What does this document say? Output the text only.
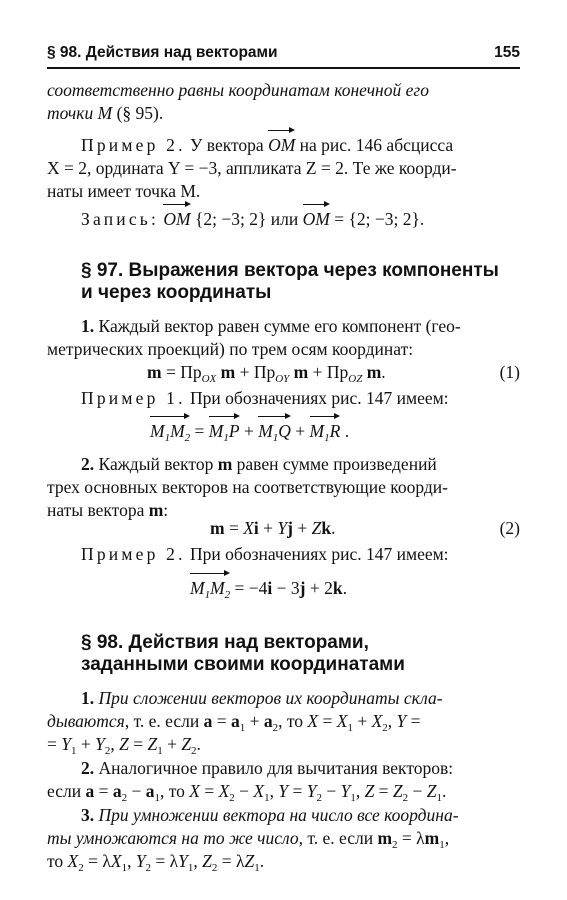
§ 98. Действия над векторами	155
соответственно равны координатам конечной его
точки M (§ 95).
Пример 2. У вектора OM на рис. 146 абсцисса
X = 2, ордината Y = −3, аппликата Z = 2. Те же коорди-
наты имеет точка M.
Запись: OM {2; −3; 2} или OM = {2; −3; 2}.
§ 97. Выражения вектора через компоненты
и через координаты
1. Каждый вектор равен сумме его компонент (гео-
метрических проекций) по трем осям координат:
$m = Пр_{OX}$ $m + Пр_{OY}$ $m + Пр_{OZ}$ m.	(1)
Пример 1. При обозначениях рис. 147 имеем:
$M_1M_2 = M_1P + M_1Q + M_1R$ .
2. Каждый вектор m равен сумме произведений
трех основных векторов на соответствующие коорди-
наты вектора m:
m = Xi + Yj + Zk.	(2)
Пример 2. При обозначениях рис. 147 имеем:
$M_1M_2 = -4i - 3j + 2k$.
§ 98. Действия над векторами,
заданными своими координатами
1. При сложении векторов их координаты скла-
дываются, т. е. если $a = a_1 + a_2$, то $X = X_1 + X_2$, Y =
= $Y_1 + Y_2$, $Z = Z_1 + Z_2$.
2. Аналогичное правило для вычитания векторов:
если $a = a_2 - a_1$, то $X = X_2 - X_1$, $Y = Y_2 - Y_1$, $Z = Z_2 - Z_1$.
3. При умножении вектора на число все координа-
ты умножаются на то же число, т. е. если $m_2 = \lambda m_1$,
то $X_2 = \lambda X_1$, $Y_2 = \lambda Y_1$, $Z_2 = \lambda Z_1$.
